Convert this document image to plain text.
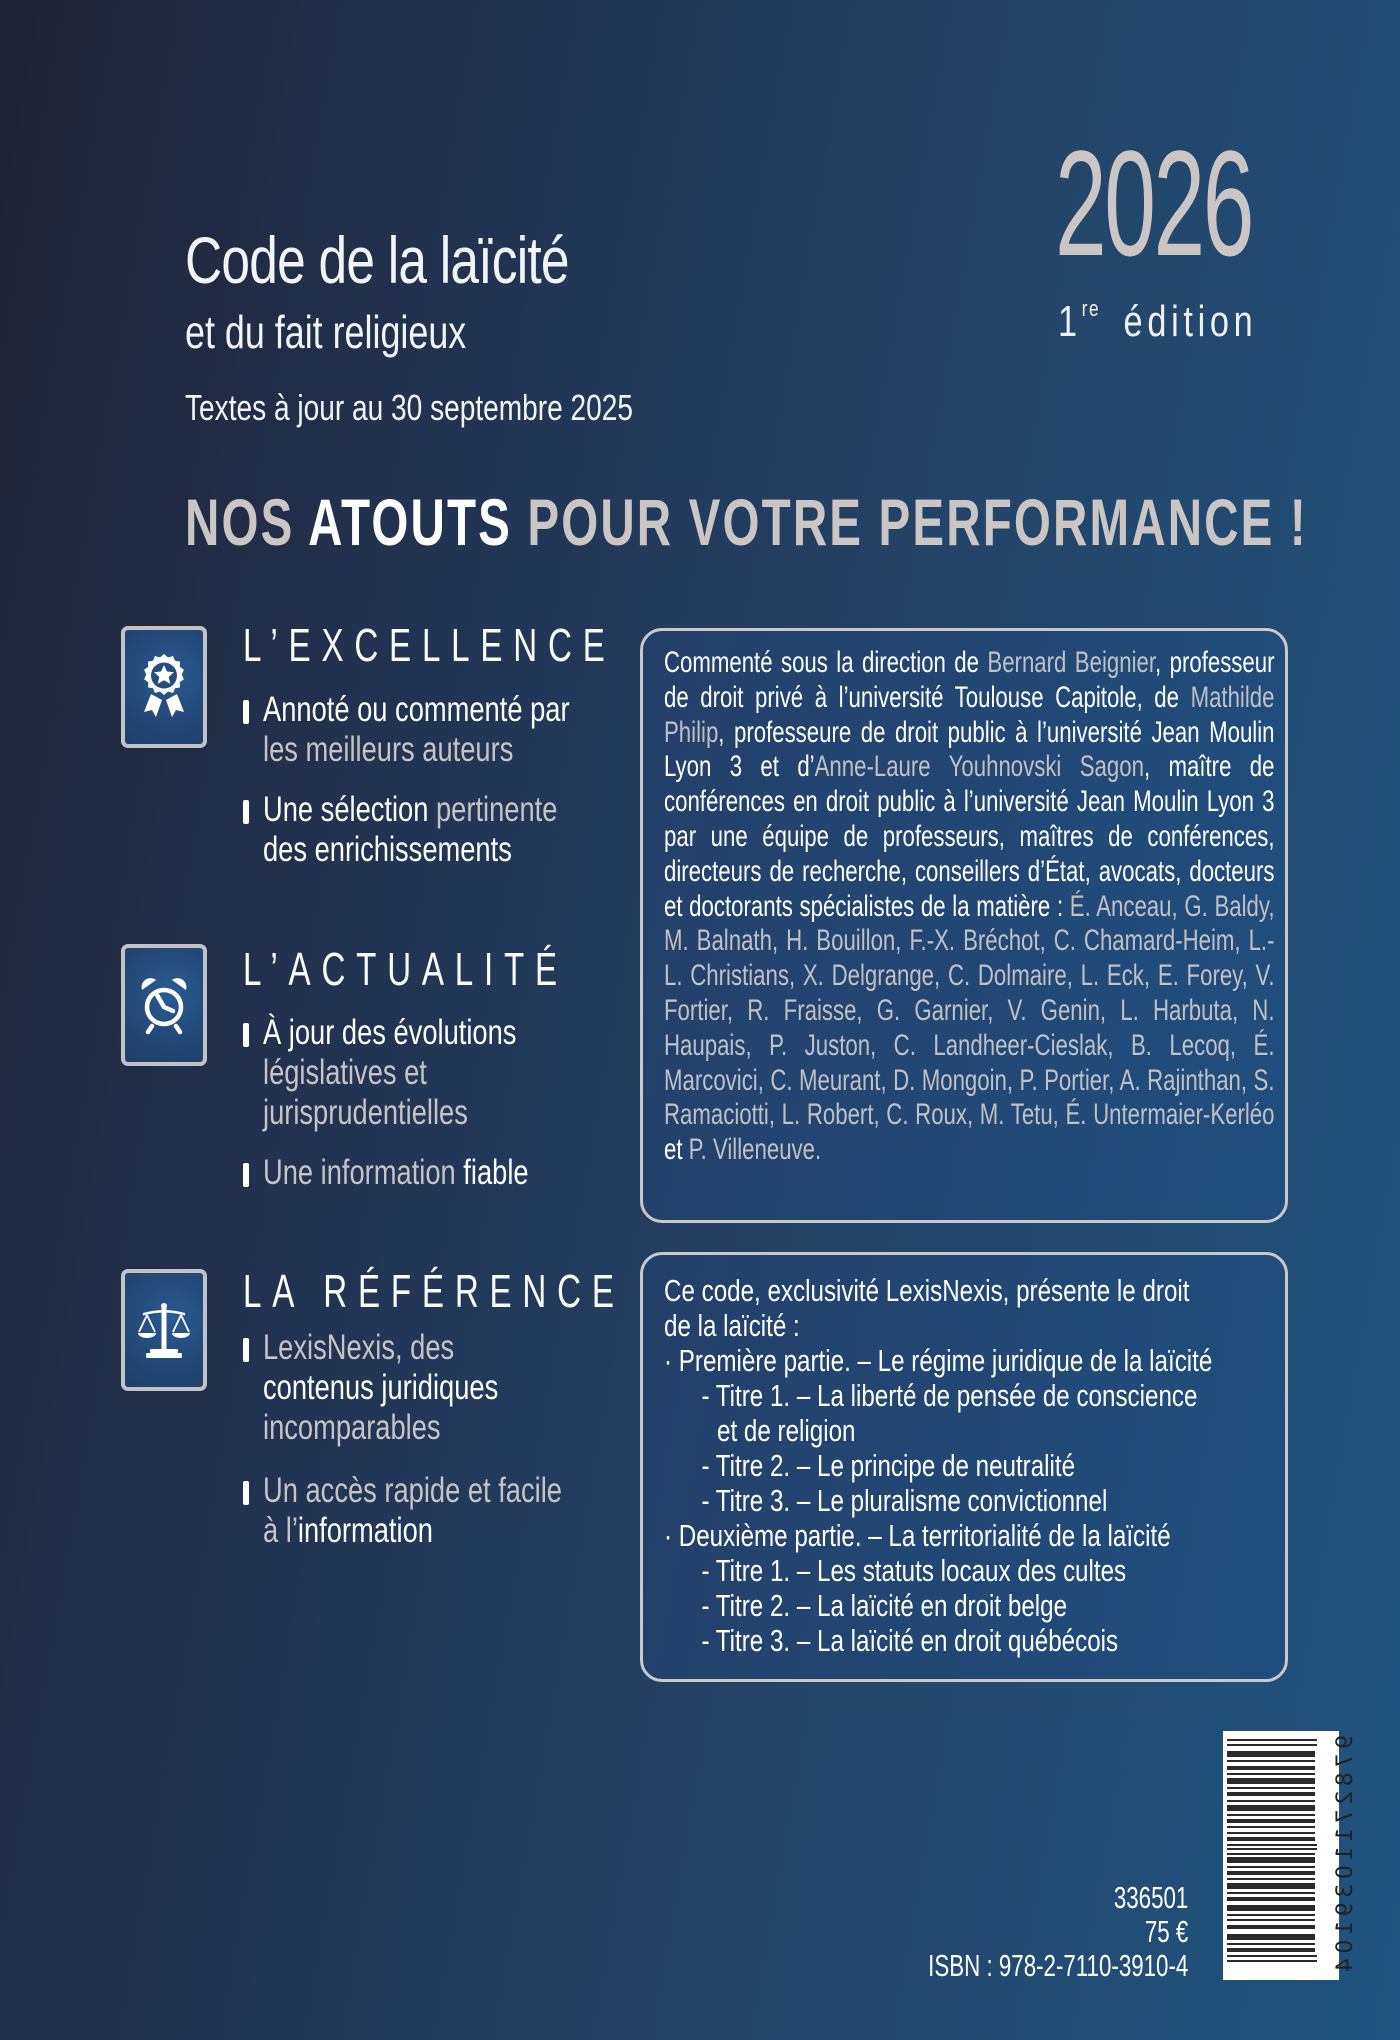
Code de la laïcité
et du fait religieux
Textes à jour au 30 septembre 2025
2026
1re édition
NOS ATOUTS POUR VOTRE PERFORMANCE !
L’EXCELLENCE
Annoté ou commenté par
les meilleurs auteurs
Une sélection pertinente
des enrichissements
L’ACTUALITÉ
À jour des évolutions
législatives et
jurisprudentielles
Une information fiable
LA RÉFÉRENCE
LexisNexis, des
contenus juridiques
incomparables
Un accès rapide et facile
à l’information
Commenté sous la direction de Bernard Beignier, professeur de droit privé à l’université Toulouse Capitole, de Mathilde Philip, professeure de droit public à l’université Jean Moulin Lyon 3 et d’Anne-Laure Youhnovski Sagon, maître de conférences en droit public à l’université Jean Moulin Lyon 3 par une équipe de professeurs, maîtres de conférences, directeurs de recherche, conseillers d’État, avocats, docteurs et doctorants spécialistes de la matière : É. Anceau, G. Baldy, M. Balnath, H. Bouillon, F.-X. Bréchot, C. Chamard-Heim, L.-L. Christians, X. Delgrange, C. Dolmaire, L. Eck, E. Forey, V. Fortier, R. Fraisse, G. Garnier, V. Genin, L. Harbuta, N. Haupais, P. Juston, C. Landheer-Cieslak, B. Lecoq, É. Marcovici, C. Meurant, D. Mongoin, P. Portier, A. Rajinthan, S. Ramaciotti, L. Robert, C. Roux, M. Tetu, É. Untermaier-Kerléo et P. Villeneuve.
Ce code, exclusivité LexisNexis, présente le droit
de la laïcité :
· Première partie. – Le régime juridique de la laïcité
- Titre 1. – La liberté de pensée de conscience
et de religion
- Titre 2. – Le principe de neutralité
- Titre 3. – Le pluralisme convictionnel
· Deuxième partie. – La territorialité de la laïcité
- Titre 1. – Les statuts locaux des cultes
- Titre 2. – La laïcité en droit belge
- Titre 3. – La laïcité en droit québécois
336501
75 €
ISBN : 978-2-7110-3910-4	9782711039104
